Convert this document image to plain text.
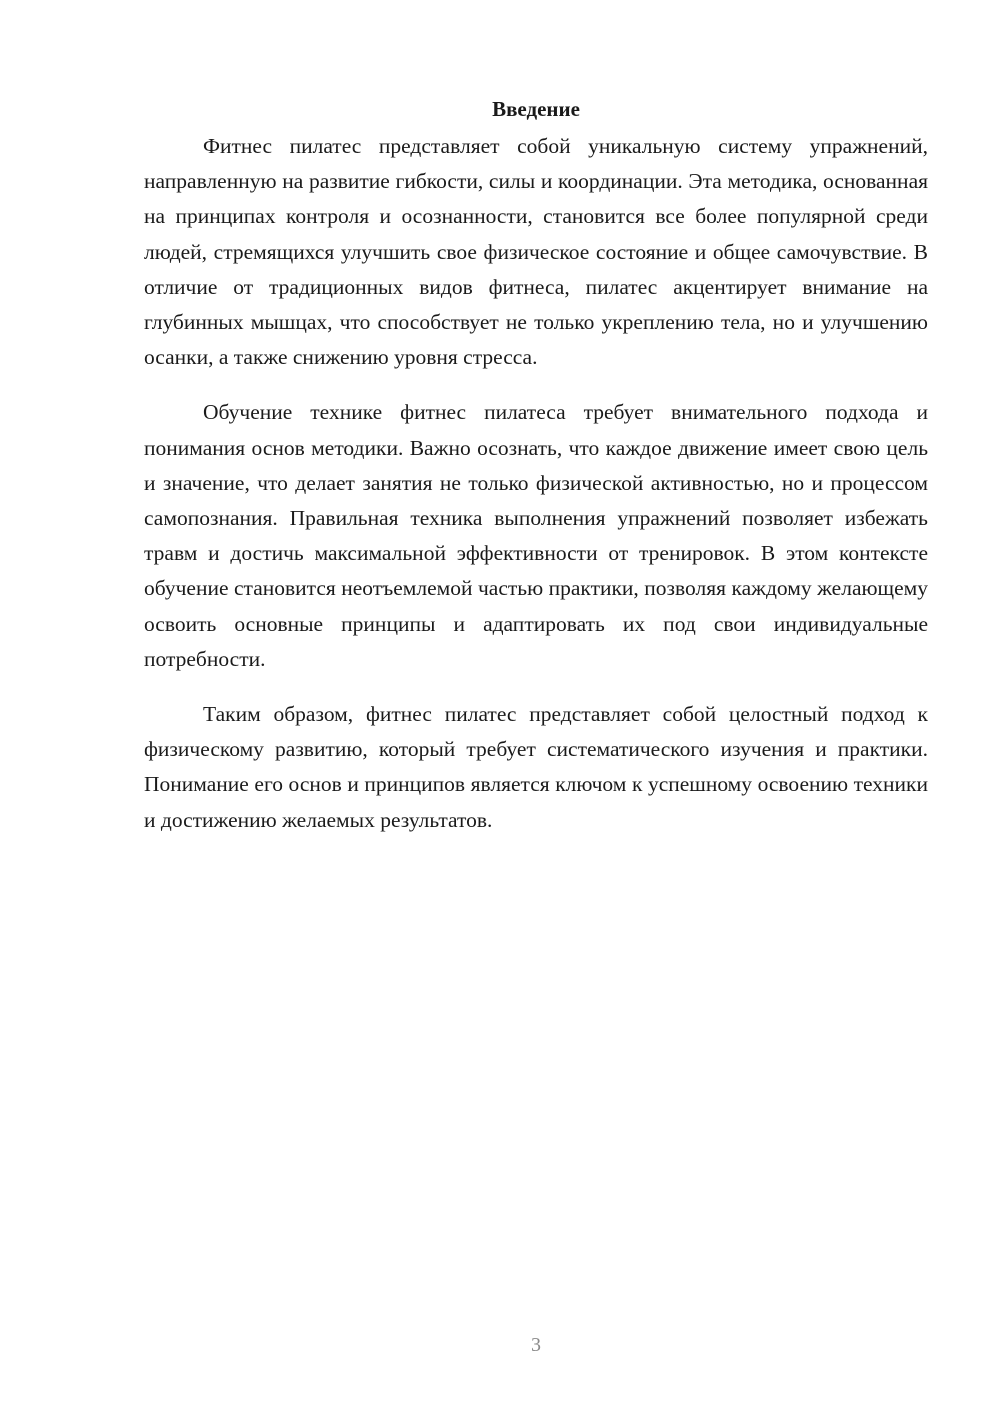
Введение

Фитнес пилатес представляет собой уникальную систему упражнений, направленную на развитие гибкости, силы и координации. Эта методика, основанная на принципах контроля и осознанности, становится все более популярной среди людей, стремящихся улучшить свое физическое состояние и общее самочувствие. В отличие от традиционных видов фитнеса, пилатес акцентирует внимание на глубинных мышцах, что способствует не только укреплению тела, но и улучшению осанки, а также снижению уровня стресса.

Обучение технике фитнес пилатеса требует внимательного подхода и понимания основ методики. Важно осознать, что каждое движение имеет свою цель и значение, что делает занятия не только физической активностью, но и процессом самопознания. Правильная техника выполнения упражнений позволяет избежать травм и достичь максимальной эффективности от тренировок. В этом контексте обучение становится неотъемлемой частью практики, позволяя каждому желающему освоить основные принципы и адаптировать их под свои индивидуальные потребности.

Таким образом, фитнес пилатес представляет собой целостный подход к физическому развитию, который требует систематического изучения и практики. Понимание его основ и принципов является ключом к успешному освоению техники и достижению желаемых результатов.

3
